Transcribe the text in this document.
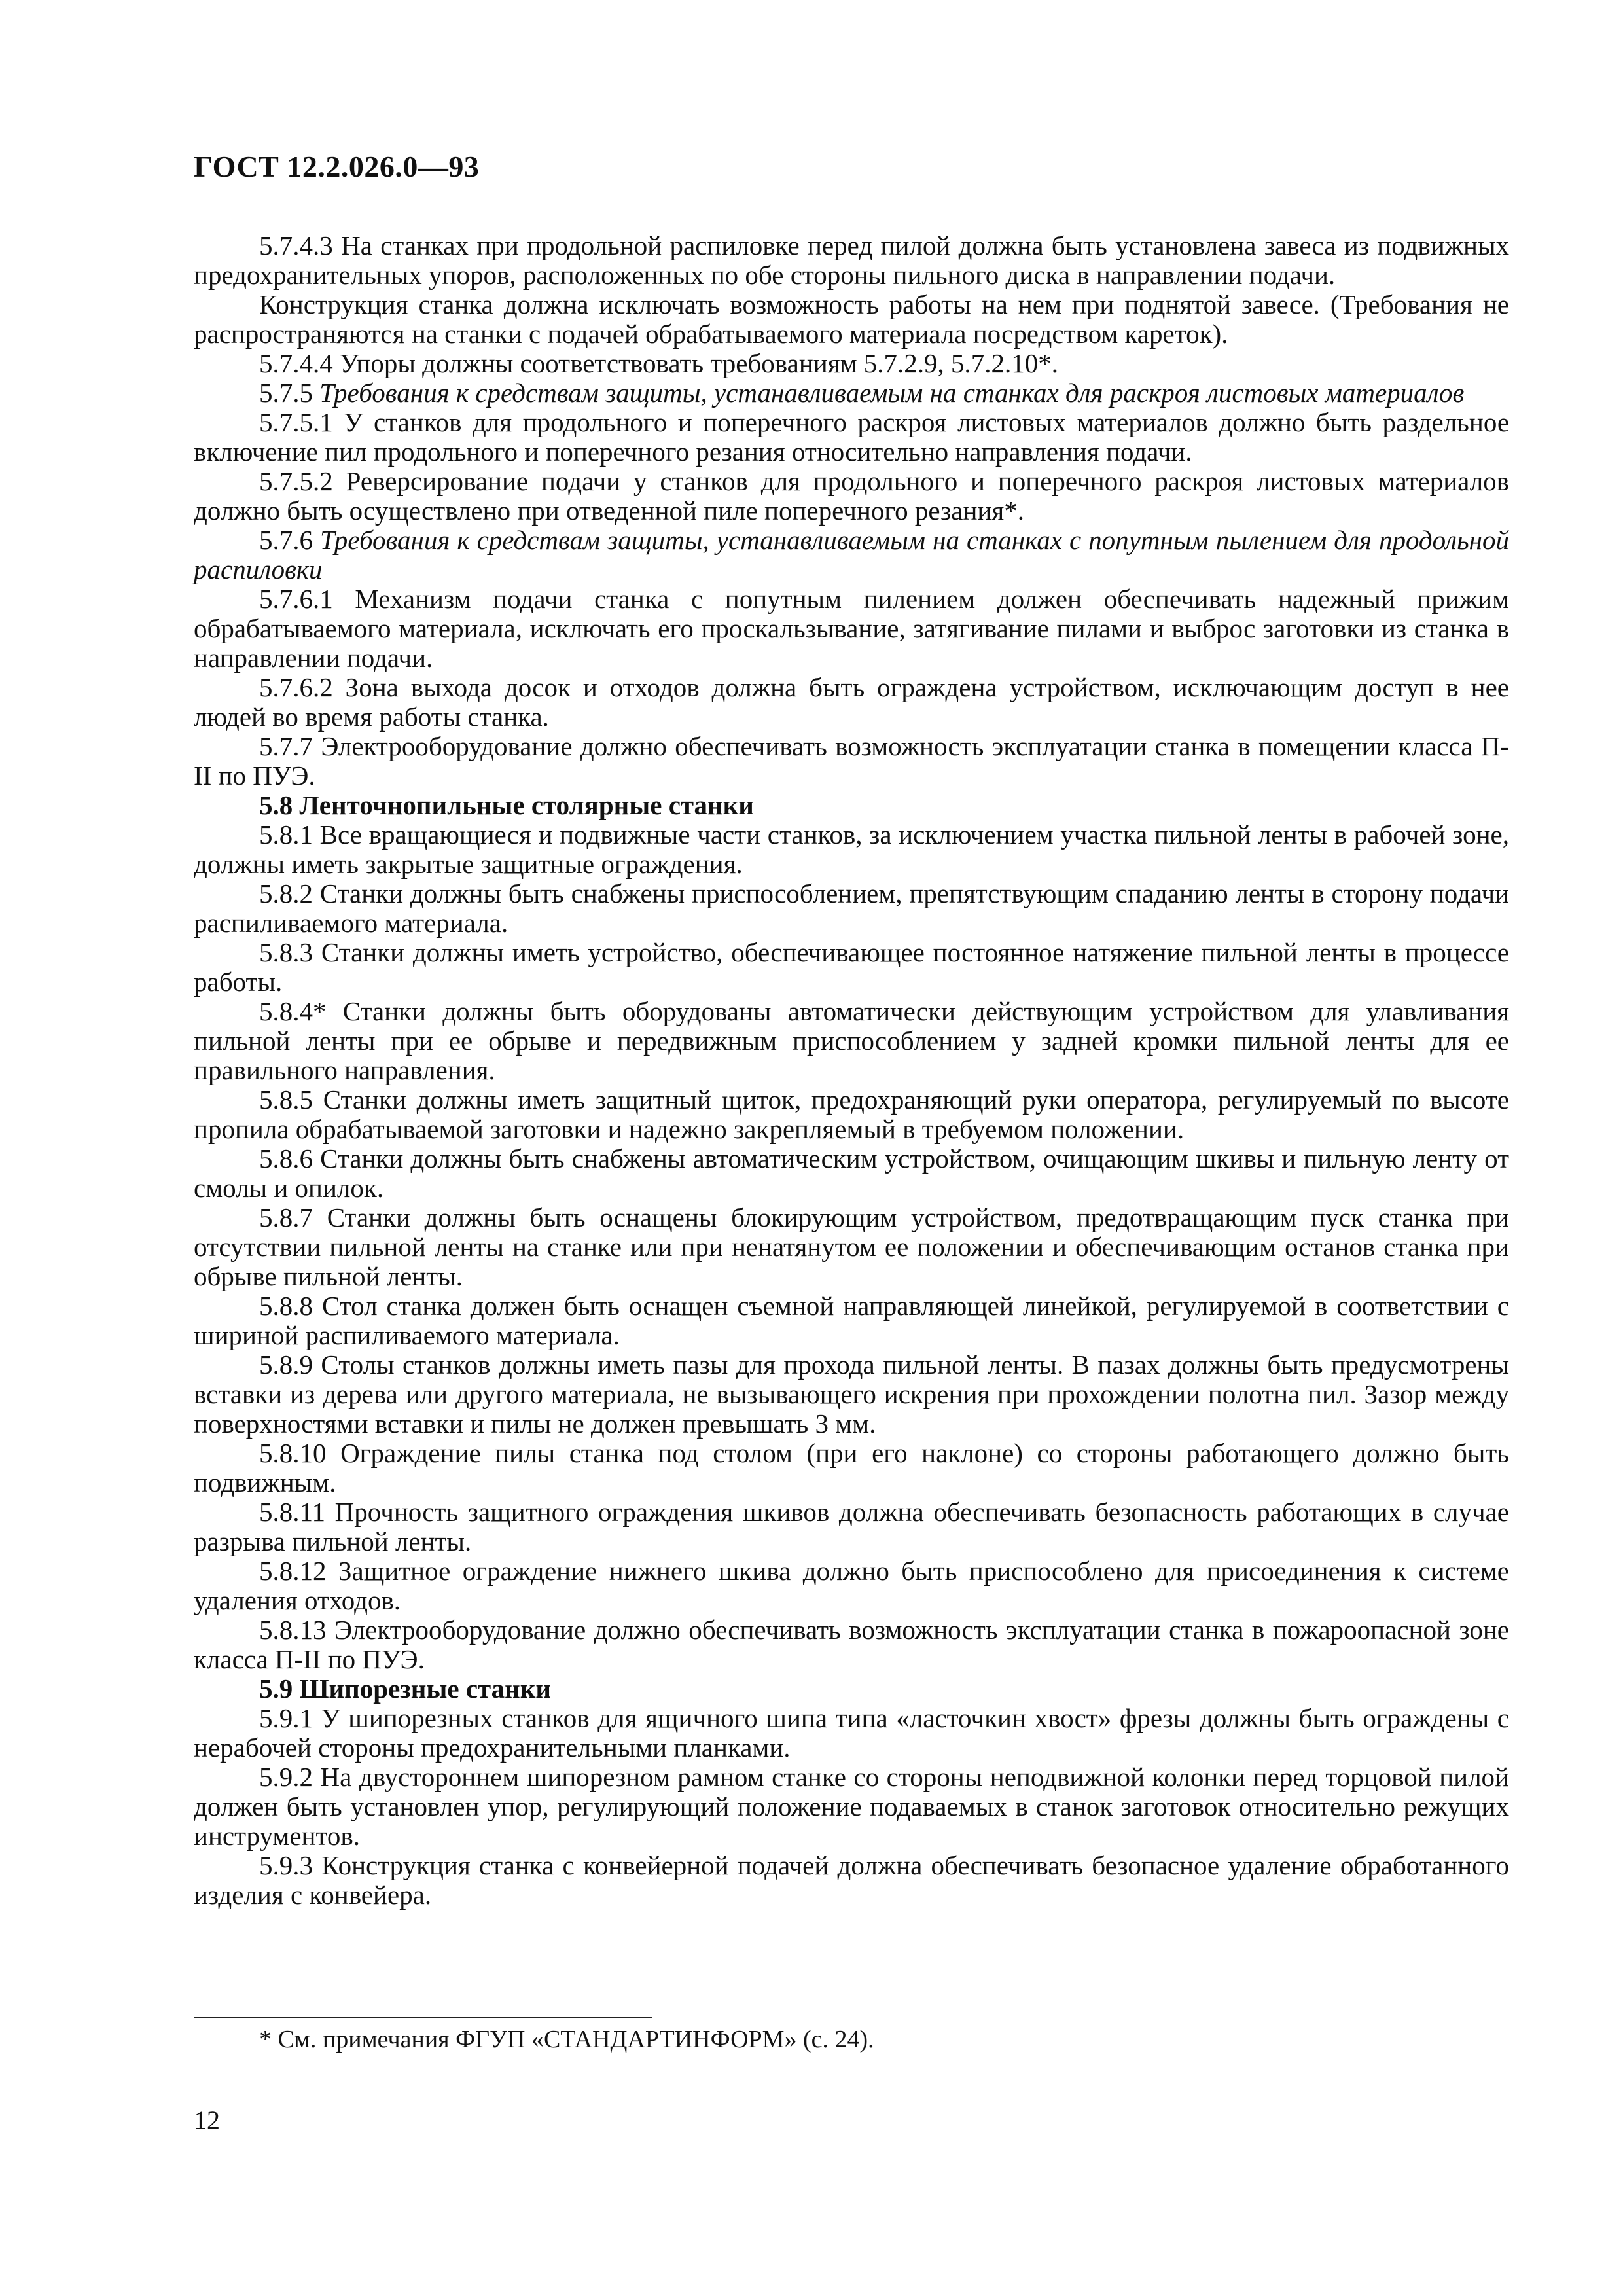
ГОСТ 12.2.026.0—93

5.7.4.3 На станках при продольной распиловке перед пилой должна быть установлена завеса из подвижных предохранительных упоров, расположенных по обе стороны пильного диска в направлении подачи.

Конструкция станка должна исключать возможность работы на нем при поднятой завесе. (Требования не распространяются на станки с подачей обрабатываемого материала посредством кареток).

5.7.4.4 Упоры должны соответствовать требованиям 5.7.2.9, 5.7.2.10*.

5.7.5 Требования к средствам защиты, устанавливаемым на станках для раскроя листовых материалов

5.7.5.1 У станков для продольного и поперечного раскроя листовых материалов должно быть раздельное включение пил продольного и поперечного резания относительно направления подачи.

5.7.5.2 Реверсирование подачи у станков для продольного и поперечного раскроя листовых материалов должно быть осуществлено при отведенной пиле поперечного резания*.

5.7.6 Требования к средствам защиты, устанавливаемым на станках с попутным пылением для продольной распиловки

5.7.6.1 Механизм подачи станка с попутным пилением должен обеспечивать надежный прижим обрабатываемого материала, исключать его проскальзывание, затягивание пилами и выброс заготовки из станка в направлении подачи.

5.7.6.2 Зона выхода досок и отходов должна быть ограждена устройством, исключающим доступ в нее людей во время работы станка.

5.7.7 Электрооборудование должно обеспечивать возможность эксплуатации станка в помещении класса П-II по ПУЭ.

5.8 Ленточнопильные столярные станки

5.8.1 Все вращающиеся и подвижные части станков, за исключением участка пильной ленты в рабочей зоне, должны иметь закрытые защитные ограждения.

5.8.2 Станки должны быть снабжены приспособлением, препятствующим спаданию ленты в сторону подачи распиливаемого материала.

5.8.3 Станки должны иметь устройство, обеспечивающее постоянное натяжение пильной ленты в процессе работы.

5.8.4* Станки должны быть оборудованы автоматически действующим устройством для улавливания пильной ленты при ее обрыве и передвижным приспособлением у задней кромки пильной ленты для ее правильного направления.

5.8.5 Станки должны иметь защитный щиток, предохраняющий руки оператора, регулируемый по высоте пропила обрабатываемой заготовки и надежно закрепляемый в требуемом положении.

5.8.6 Станки должны быть снабжены автоматическим устройством, очищающим шкивы и пильную ленту от смолы и опилок.

5.8.7 Станки должны быть оснащены блокирующим устройством, предотвращающим пуск станка при отсутствии пильной ленты на станке или при ненатянутом ее положении и обеспечивающим останов станка при обрыве пильной ленты.

5.8.8 Стол станка должен быть оснащен съемной направляющей линейкой, регулируемой в соответствии с шириной распиливаемого материала.

5.8.9 Столы станков должны иметь пазы для прохода пильной ленты. В пазах должны быть предусмотрены вставки из дерева или другого материала, не вызывающего искрения при прохождении полотна пил. Зазор между поверхностями вставки и пилы не должен превышать 3 мм.

5.8.10 Ограждение пилы станка под столом (при его наклоне) со стороны работающего должно быть подвижным.

5.8.11 Прочность защитного ограждения шкивов должна обеспечивать безопасность работающих в случае разрыва пильной ленты.

5.8.12 Защитное ограждение нижнего шкива должно быть приспособлено для присоединения к системе удаления отходов.

5.8.13 Электрооборудование должно обеспечивать возможность эксплуатации станка в пожароопасной зоне класса П-II по ПУЭ.

5.9 Шипорезные станки

5.9.1 У шипорезных станков для ящичного шипа типа «ласточкин хвост» фрезы должны быть ограждены с нерабочей стороны предохранительными планками.

5.9.2 На двустороннем шипорезном рамном станке со стороны неподвижной колонки перед торцовой пилой должен быть установлен упор, регулирующий положение подаваемых в станок заготовок относительно режущих инструментов.

5.9.3 Конструкция станка с конвейерной подачей должна обеспечивать безопасное удаление обработанного изделия с конвейера.

* См. примечания ФГУП «СТАНДАРТИНФОРМ» (с. 24).
12
